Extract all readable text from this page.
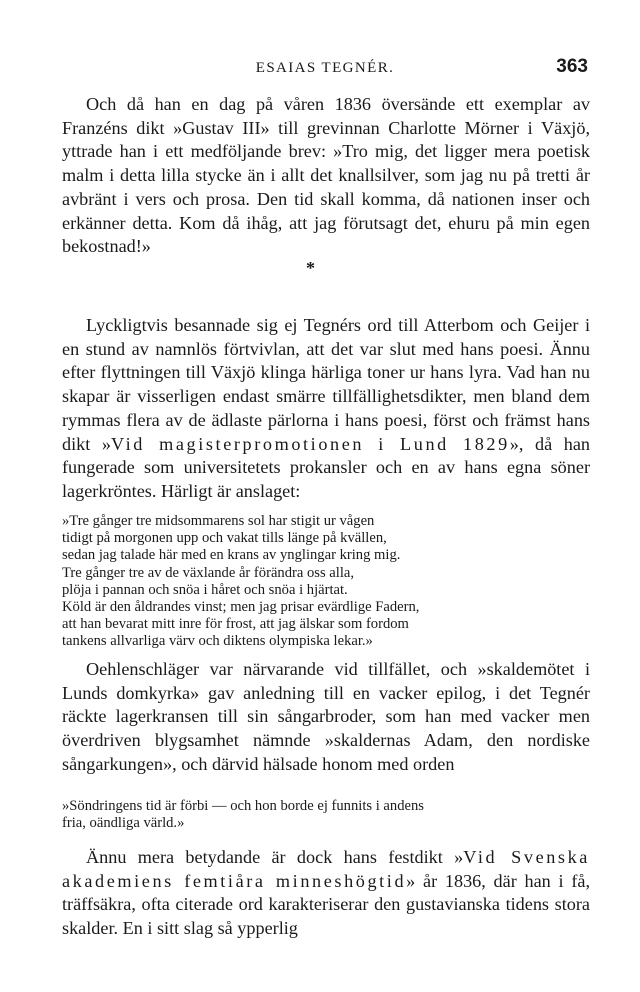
ESAIAS TEGNÉR.	363

Och då han en dag på våren 1836 översände ett exemplar av Franzéns dikt »Gustav III» till grevinnan Charlotte Mörner i Växjö, yttrade han i ett medföljande brev: »Tro mig, det ligger mera poetisk malm i detta lilla stycke än i allt det knallsilver, som jag nu på tretti år avbränt i vers och prosa. Den tid skall komma, då nationen inser och erkänner detta. Kom då ihåg, att jag förutsagt det, ehuru på min egen bekostnad!»

*

Lyckligtvis besannade sig ej Tegnérs ord till Atterbom och Geijer i en stund av namnlös förtvivlan, att det var slut med hans poesi. Ännu efter flyttningen till Växjö klinga härliga toner ur hans lyra. Vad han nu skapar är visserligen endast smärre tillfällighetsdikter, men bland dem rymmas flera av de ädlaste pärlorna i hans poesi, först och främst hans dikt »Vid magisterpromotionen i Lund 1829», då han fungerade som universitetets prokansler och en av hans egna söner lagerkröntes. Härligt är anslaget:

»Tre gånger tre midsommarens sol har stigit ur vågen
tidigt på morgonen upp och vakat tills länge på kvällen,
sedan jag talade här med en krans av ynglingar kring mig.
Tre gånger tre av de växlande år förändra oss alla,
plöja i pannan och snöa i håret och snöa i hjärtat.
Köld är den åldrandes vinst; men jag prisar evärdlige Fadern,
att han bevarat mitt inre för frost, att jag älskar som fordom
tankens allvarliga värv och diktens olympiska lekar.»

Oehlenschläger var närvarande vid tillfället, och »skaldemötet i Lunds domkyrka» gav anledning till en vacker epilog, i det Tegnér räckte lagerkransen till sin sångarbroder, som han med vacker men överdriven blygsamhet nämnde »skaldernas Adam, den nordiske sångarkungen», och därvid hälsade honom med orden

»Söndringens tid är förbi — och hon borde ej funnits i andens
fria, oändliga värld.»

Ännu mera betydande är dock hans festdikt »Vid Svenska akademiens femtiåra minneshögtid» år 1836, där han i få, träffsäkra, ofta citerade ord karakteriserar den gustavianska tidens stora skalder. En i sitt slag så ypperlig
